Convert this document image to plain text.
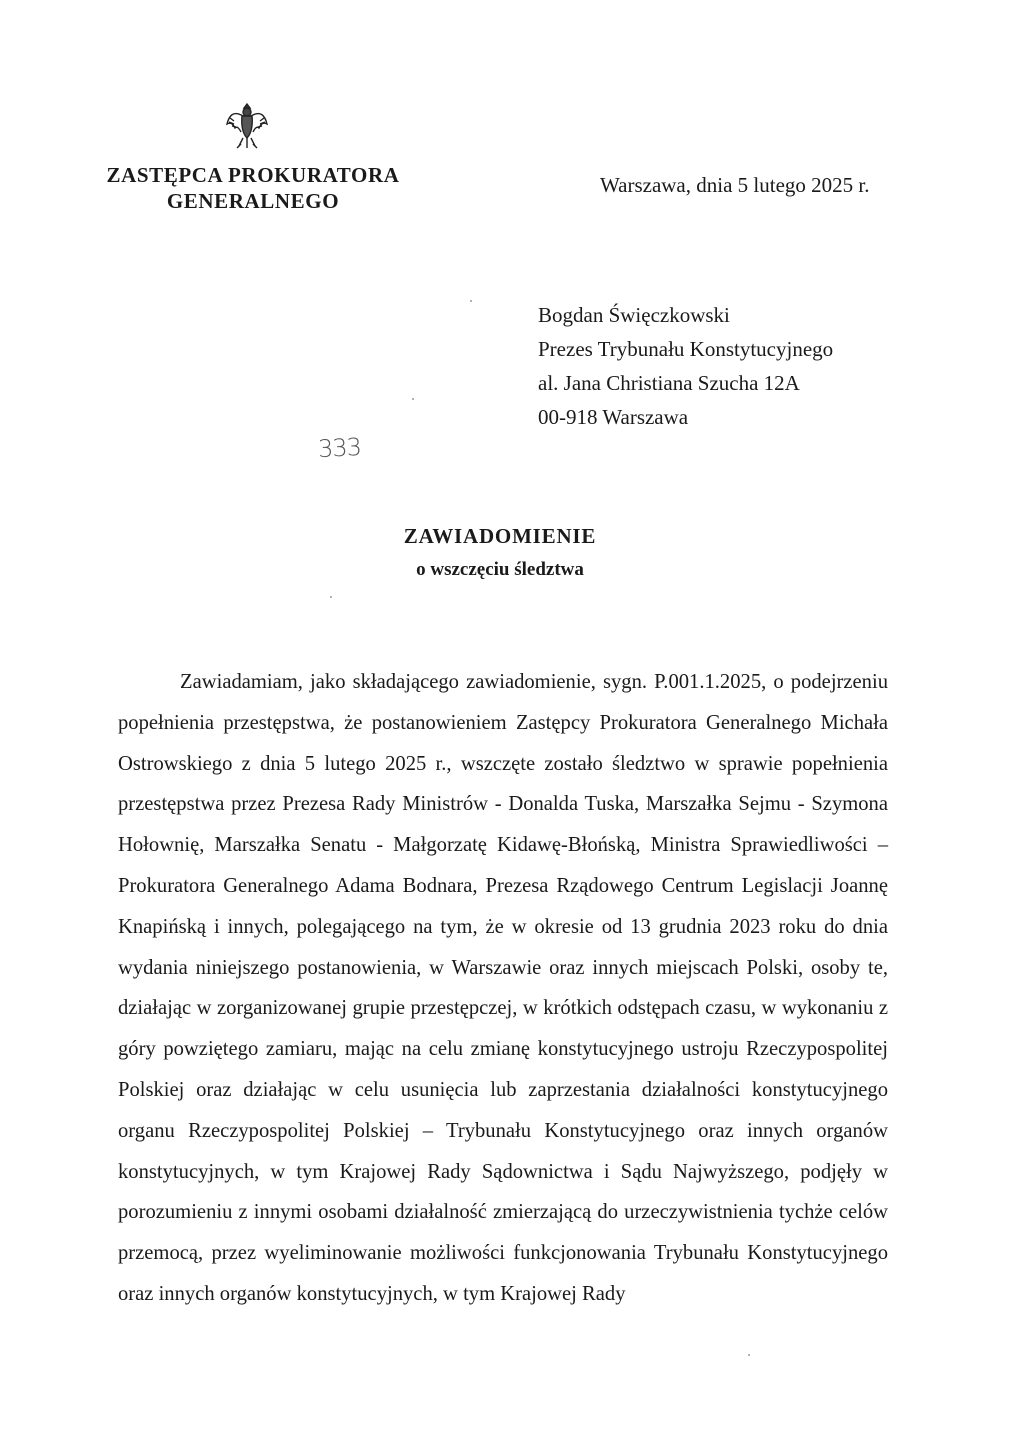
ZASTĘPCA PROKURATORA
GENERALNEGO
Warszawa, dnia 5 lutego 2025 r.
Bogdan Święczkowski
Prezes Trybunału Konstytucyjnego
al. Jana Christiana Szucha 12A
00-918 Warszawa
333
ZAWIADOMIENIE
o wszczęciu śledztwa

Zawiadamiam, jako składającego zawiadomienie, sygn. P.001.1.2025, o podejrzeniu popełnienia przestępstwa, że postanowieniem Zastępcy Prokuratora Generalnego Michała Ostrowskiego z dnia 5 lutego 2025 r., wszczęte zostało śledztwo w sprawie popełnienia przestępstwa przez Prezesa Rady Ministrów - Donalda Tuska, Marszałka Sejmu - Szymona Hołownię, Marszałka Senatu - Małgorzatę Kidawę-Błońską, Ministra Sprawiedliwości – Prokuratora Generalnego Adama Bodnara, Prezesa Rządowego Centrum Legislacji Joannę Knapińską i innych, polegającego na tym, że w okresie od 13 grudnia 2023 roku do dnia wydania niniejszego postanowienia, w Warszawie oraz innych miejscach Polski, osoby te, działając w zorganizowanej grupie przestępczej, w krótkich odstępach czasu, w wykonaniu z góry powziętego zamiaru, mając na celu zmianę konstytucyjnego ustroju Rzeczypospolitej Polskiej oraz działając w celu usunięcia lub zaprzestania działalności konstytucyjnego organu Rzeczypospolitej Polskiej – Trybunału Konstytucyjnego oraz innych organów konstytucyjnych, w tym Krajowej Rady Sądownictwa i Sądu Najwyższego, podjęły w porozumieniu z innymi osobami działalność zmierzającą do urzeczywistnienia tychże celów przemocą, przez wyeliminowanie możliwości funkcjonowania Trybunału Konstytucyjnego oraz innych organów konstytucyjnych, w tym Krajowej Rady
